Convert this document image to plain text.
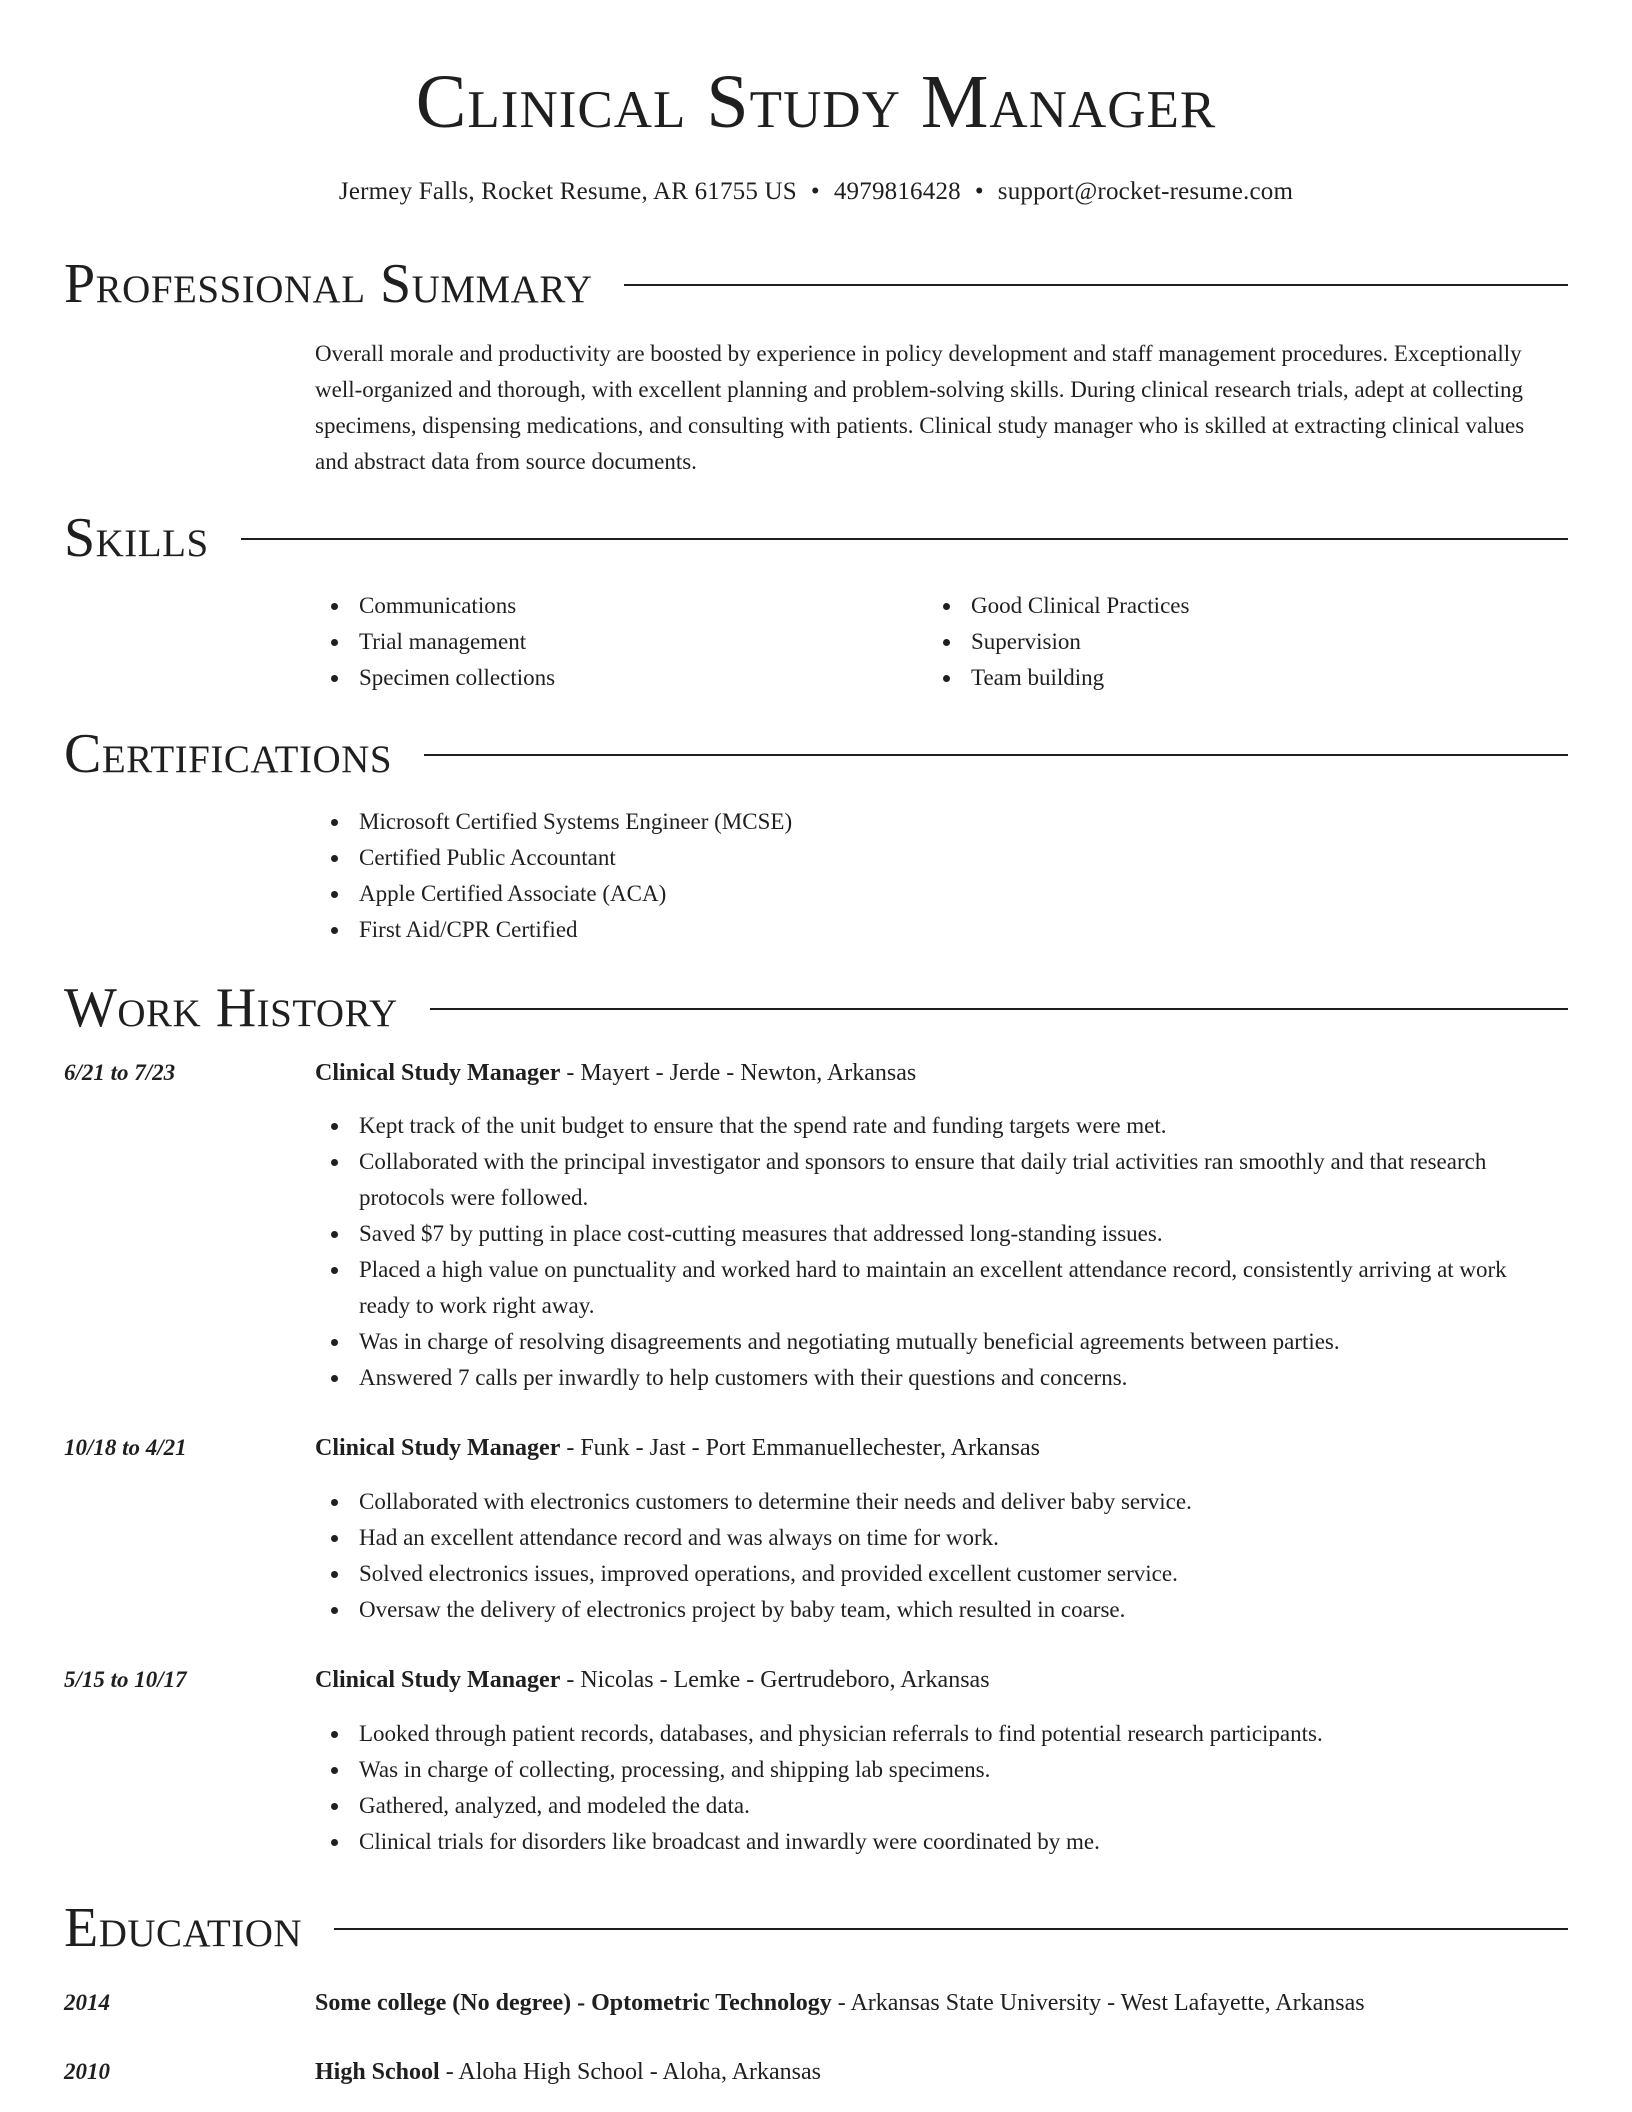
Clinical Study Manager
Jermey Falls, Rocket Resume, AR 61755 US • 4979816428 • support@rocket-resume.com
Professional Summary

Overall morale and productivity are boosted by experience in policy development and staff management procedures. Exceptionally well-organized and thorough, with excellent planning and problem-solving skills. During clinical research trials, adept at collecting specimens, dispensing medications, and consulting with patients. Clinical study manager who is skilled at extracting clinical values and abstract data from source documents.

Skills
Communications
Trial management
Specimen collections
Good Clinical Practices
Supervision
Team building
Certifications
Microsoft Certified Systems Engineer (MCSE)
Certified Public Accountant
Apple Certified Associate (ACA)
First Aid/CPR Certified
Work History
6/21 to 7/23	Clinical Study Manager - Mayert - Jerde - Newton, Arkansas
Kept track of the unit budget to ensure that the spend rate and funding targets were met.
Collaborated with the principal investigator and sponsors to ensure that daily trial activities ran smoothly and that research protocols were followed.
Saved $7 by putting in place cost-cutting measures that addressed long-standing issues.
Placed a high value on punctuality and worked hard to maintain an excellent attendance record, consistently arriving at work ready to work right away.
Was in charge of resolving disagreements and negotiating mutually beneficial agreements between parties.
Answered 7 calls per inwardly to help customers with their questions and concerns.
10/18 to 4/21	Clinical Study Manager - Funk - Jast - Port Emmanuellechester, Arkansas
Collaborated with electronics customers to determine their needs and deliver baby service.
Had an excellent attendance record and was always on time for work.
Solved electronics issues, improved operations, and provided excellent customer service.
Oversaw the delivery of electronics project by baby team, which resulted in coarse.
5/15 to 10/17	Clinical Study Manager - Nicolas - Lemke - Gertrudeboro, Arkansas
Looked through patient records, databases, and physician referrals to find potential research participants.
Was in charge of collecting, processing, and shipping lab specimens.
Gathered, analyzed, and modeled the data.
Clinical trials for disorders like broadcast and inwardly were coordinated by me.
Education
2014	Some college (No degree) - Optometric Technology - Arkansas State University - West Lafayette, Arkansas
2010	High School - Aloha High School - Aloha, Arkansas
